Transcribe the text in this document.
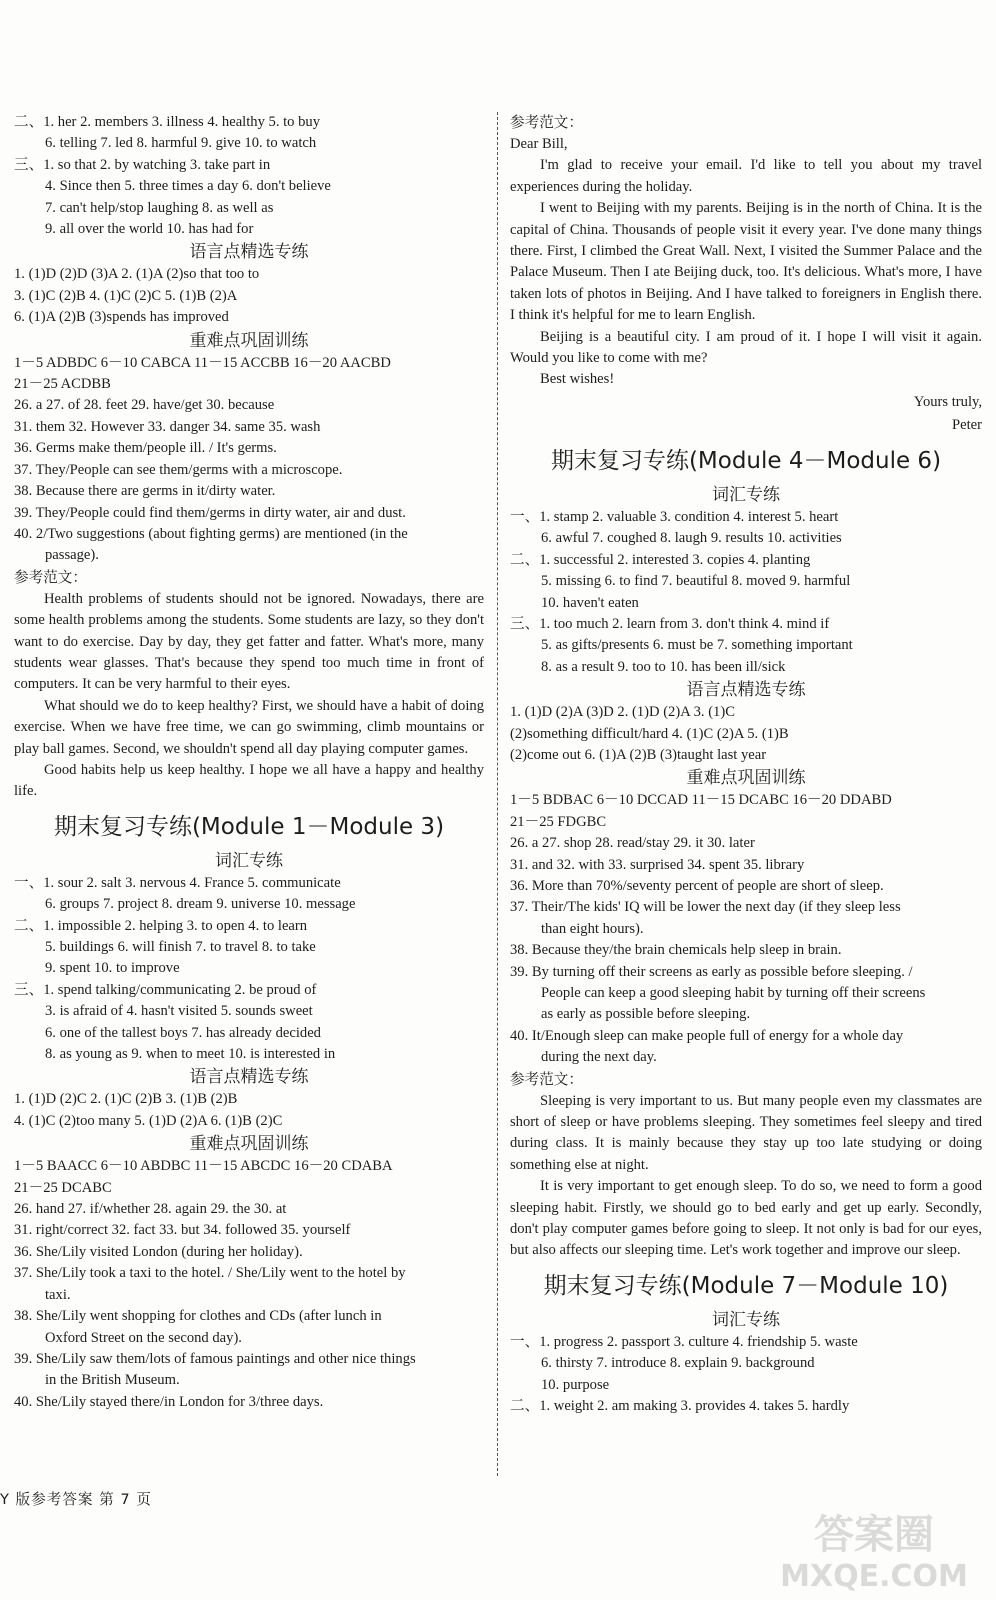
二、1. her 2. members 3. illness 4. healthy 5. to buy
6. telling 7. led 8. harmful 9. give 10. to watch
三、1. so that 2. by watching 3. take part in
4. Since then 5. three times a day 6. don't believe
7. can't help/stop laughing 8. as well as
9. all over the world 10. has had for
语言点精选专练
1. (1)D (2)D (3)A 2. (1)A (2)so that too to
3. (1)C (2)B 4. (1)C (2)C 5. (1)B (2)A
6. (1)A (2)B (3)spends has improved
重难点巩固训练
1－5 ADBDC 6－10 CABCA 11－15 ACCBB 16－20 AACBD
21－25 ACDBB
26. a 27. of 28. feet 29. have/get 30. because
31. them 32. However 33. danger 34. same 35. wash
36. Germs make them/people ill. / It's germs.
37. They/People can see them/germs with a microscope.
38. Because there are germs in it/dirty water.
39. They/People could find them/germs in dirty water, air and dust.
40. 2/Two suggestions (about fighting germs) are mentioned (in the
passage).
参考范文：

Health problems of students should not be ignored. Nowadays, there are some health problems among the students. Some students are lazy, so they don't want to do exercise. Day by day, they get fatter and fatter. What's more, many students wear glasses. That's because they spend too much time in front of computers. It can be very harmful to their eyes.

What should we do to keep healthy? First, we should have a habit of doing exercise. When we have free time, we can go swimming, climb mountains or play ball games. Second, we shouldn't spend all day playing computer games.

Good habits help us keep healthy. I hope we all have a happy and healthy life.

期末复习专练(Module 1－Module 3)
词汇专练
一、1. sour 2. salt 3. nervous 4. France 5. communicate
6. groups 7. project 8. dream 9. universe 10. message
二、1. impossible 2. helping 3. to open 4. to learn
5. buildings 6. will finish 7. to travel 8. to take
9. spent 10. to improve
三、1. spend talking/communicating 2. be proud of
3. is afraid of 4. hasn't visited 5. sounds sweet
6. one of the tallest boys 7. has already decided
8. as young as 9. when to meet 10. is interested in
语言点精选专练
1. (1)D (2)C 2. (1)C (2)B 3. (1)B (2)B
4. (1)C (2)too many 5. (1)D (2)A 6. (1)B (2)C
重难点巩固训练
1－5 BAACC 6－10 ABDBC 11－15 ABCDC 16－20 CDABA
21－25 DCABC
26. hand 27. if/whether 28. again 29. the 30. at
31. right/correct 32. fact 33. but 34. followed 35. yourself
36. She/Lily visited London (during her holiday).
37. She/Lily took a taxi to the hotel. / She/Lily went to the hotel by
taxi.
38. She/Lily went shopping for clothes and CDs (after lunch in
Oxford Street on the second day).
39. She/Lily saw them/lots of famous paintings and other nice things
in the British Museum.
40. She/Lily stayed there/in London for 3/three days.
参考范文：
Dear Bill,

I'm glad to receive your email. I'd like to tell you about my travel experiences during the holiday.

I went to Beijing with my parents. Beijing is in the north of China. It is the capital of China. Thousands of people visit it every year. I've done many things there. First, I climbed the Great Wall. Next, I visited the Summer Palace and the Palace Museum. Then I ate Beijing duck, too. It's delicious. What's more, I have taken lots of photos in Beijing. And I have talked to foreigners in English there. I think it's helpful for me to learn English.

Beijing is a beautiful city. I am proud of it. I hope I will visit it again. Would you like to come with me?

Best wishes!

Yours truly,
Peter
期末复习专练(Module 4－Module 6)
词汇专练
一、1. stamp 2. valuable 3. condition 4. interest 5. heart
6. awful 7. coughed 8. laugh 9. results 10. activities
二、1. successful 2. interested 3. copies 4. planting
5. missing 6. to find 7. beautiful 8. moved 9. harmful
10. haven't eaten
三、1. too much 2. learn from 3. don't think 4. mind if
5. as gifts/presents 6. must be 7. something important
8. as a result 9. too to 10. has been ill/sick
语言点精选专练
1. (1)D (2)A (3)D 2. (1)D (2)A 3. (1)C
(2)something difficult/hard 4. (1)C (2)A 5. (1)B
(2)come out 6. (1)A (2)B (3)taught last year
重难点巩固训练
1－5 BDBAC 6－10 DCCAD 11－15 DCABC 16－20 DDABD
21－25 FDGBC
26. a 27. shop 28. read/stay 29. it 30. later
31. and 32. with 33. surprised 34. spent 35. library
36. More than 70%/seventy percent of people are short of sleep.
37. Their/The kids' IQ will be lower the next day (if they sleep less
than eight hours).
38. Because they/the brain chemicals help sleep in brain.
39. By turning off their screens as early as possible before sleeping. /
People can keep a good sleeping habit by turning off their screens
as early as possible before sleeping.
40. It/Enough sleep can make people full of energy for a whole day
during the next day.
参考范文：

Sleeping is very important to us. But many people even my classmates are short of sleep or have problems sleeping. They sometimes feel sleepy and tired during class. It is mainly because they stay up too late studying or doing something else at night.

It is very important to get enough sleep. To do so, we need to form a good sleeping habit. Firstly, we should go to bed early and get up early. Secondly, don't play computer games before going to sleep. It not only is bad for our eyes, but also affects our sleeping time. Let's work together and improve our sleep.

期末复习专练(Module 7－Module 10)
词汇专练
一、1. progress 2. passport 3. culture 4. friendship 5. waste
6. thirsty 7. introduce 8. explain 9. background
10. purpose
二、1. weight 2. am making 3. provides 4. takes 5. hardly
Y 版参考答案 第 7 页
答案圈
MXQE.COM
